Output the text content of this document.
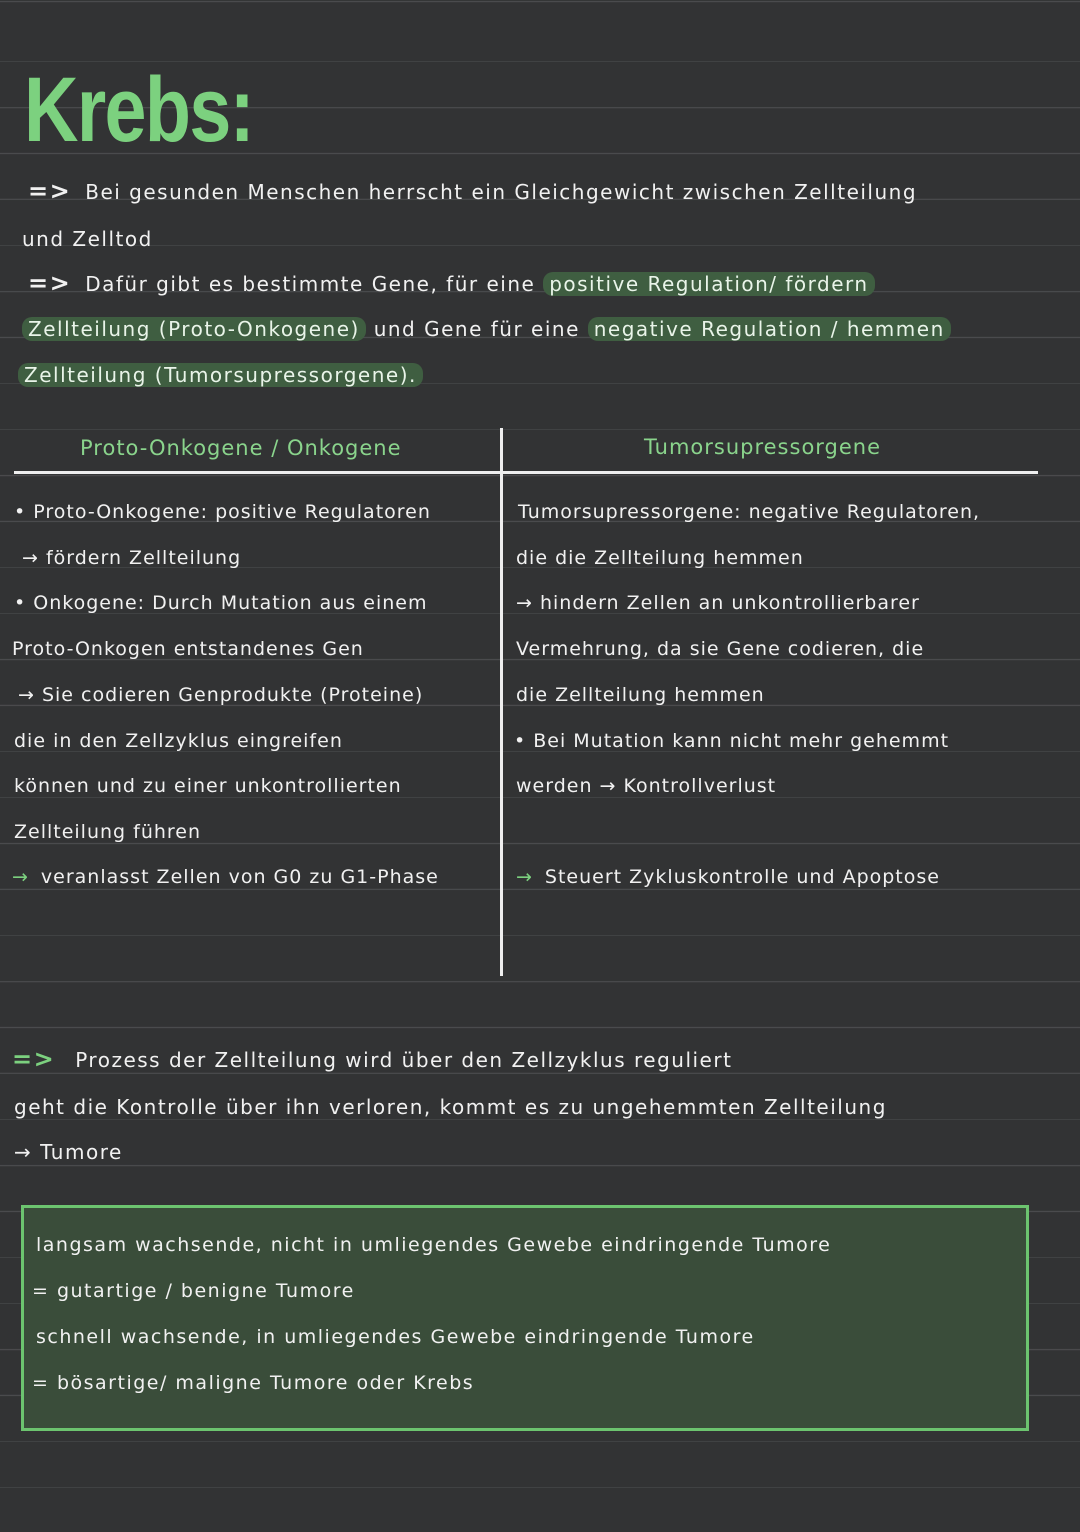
Krebs:
=> Bei gesunden Menschen herrscht ein Gleichgewicht zwischen Zellteilung
und Zelltod
=> Dafür gibt es bestimmte Gene, für eine positive Regulation/ fördern
Zellteilung (Proto-Onkogene) und Gene für eine negative Regulation / hemmen
Zellteilung (Tumorsupressorgene).
Proto-Onkogene / Onkogene	Tumorsupressorgene
• Proto-Onkogene: positive Regulatoren
→ fördern Zellteilung
• Onkogene: Durch Mutation aus einem
Proto-Onkogen entstandenes Gen
→ Sie codieren Genprodukte (Proteine)
die in den Zellzyklus eingreifen
können und zu einer unkontrollierten
Zellteilung führen
→ veranlasst Zellen von G0 zu G1-Phase
Tumorsupressorgene: negative Regulatoren,
die die Zellteilung hemmen
→ hindern Zellen an unkontrollierbarer
Vermehrung, da sie Gene codieren, die
die Zellteilung hemmen
• Bei Mutation kann nicht mehr gehemmt
werden → Kontrollverlust
→ Steuert Zykluskontrolle und Apoptose
=> Prozess der Zellteilung wird über den Zellzyklus reguliert
geht die Kontrolle über ihn verloren, kommt es zu ungehemmten Zellteilung
→ Tumore
langsam wachsende, nicht in umliegendes Gewebe eindringende Tumore
= gutartige / benigne Tumore
schnell wachsende, in umliegendes Gewebe eindringende Tumore
= bösartige/ maligne Tumore oder Krebs
